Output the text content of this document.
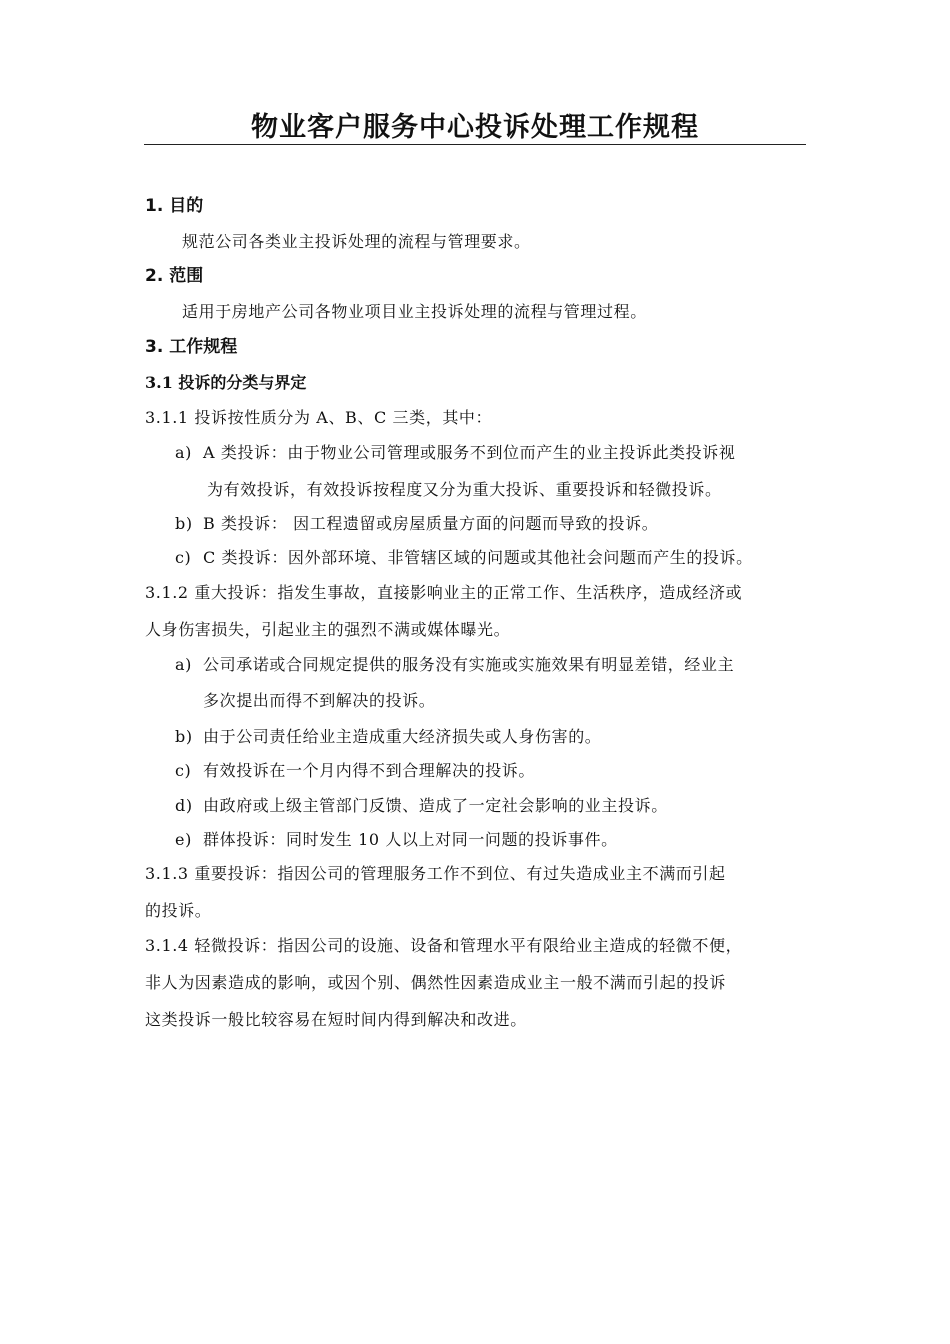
物业客户服务中心投诉处理工作规程
1. 目的
规范公司各类业主投诉处理的流程与管理要求。
2. 范围
适用于房地产公司各物业项目业主投诉处理的流程与管理过程。
3. 工作规程
3.1 投诉的分类与界定
3.1.1 投诉按性质分为 A、B、C 三类，其中：
a) A 类投诉：由于物业公司管理或服务不到位而产生的业主投诉此类投诉视
为有效投诉，有效投诉按程度又分为重大投诉、重要投诉和轻微投诉。
b) B 类投诉： 因工程遗留或房屋质量方面的问题而导致的投诉。
c) C 类投诉：因外部环境、非管辖区域的问题或其他社会问题而产生的投诉。
3.1.2 重大投诉：指发生事故，直接影响业主的正常工作、生活秩序，造成经济或
人身伤害损失，引起业主的强烈不满或媒体曝光。
a) 公司承诺或合同规定提供的服务没有实施或实施效果有明显差错，经业主
多次提出而得不到解决的投诉。
b) 由于公司责任给业主造成重大经济损失或人身伤害的。
c) 有效投诉在一个月内得不到合理解决的投诉。
d) 由政府或上级主管部门反馈、造成了一定社会影响的业主投诉。
e) 群体投诉：同时发生 10 人以上对同一问题的投诉事件。
3.1.3 重要投诉：指因公司的管理服务工作不到位、有过失造成业主不满而引起
的投诉。
3.1.4 轻微投诉：指因公司的设施、设备和管理水平有限给业主造成的轻微不便，
非人为因素造成的影响，或因个别、偶然性因素造成业主一般不满而引起的投诉
这类投诉一般比较容易在短时间内得到解决和改进。
